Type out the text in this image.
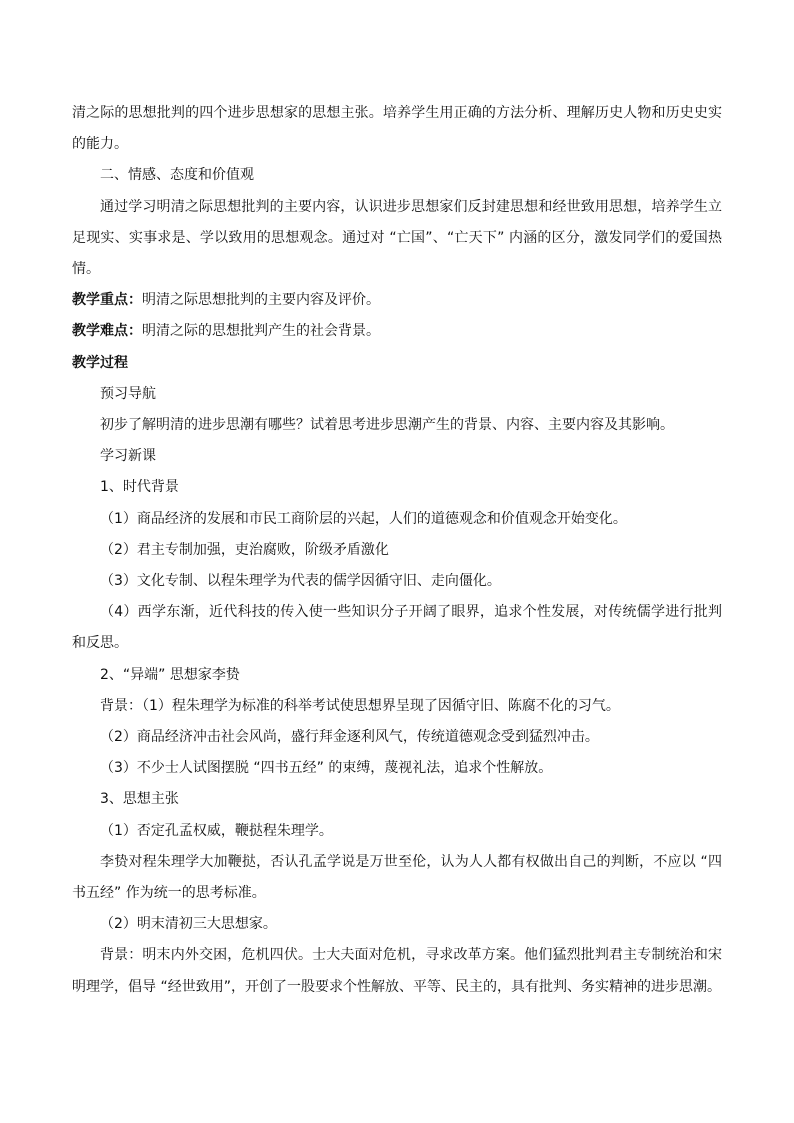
清之际的思想批判的四个进步思想家的思想主张。培养学生用正确的方法分析、理解历史人物和历史史实的能力。

二、情感、态度和价值观

通过学习明清之际思想批判的主要内容，认识进步思想家们反封建思想和经世致用思想，培养学生立足现实、实事求是、学以致用的思想观念。通过对 “亡国”、“亡天下” 内涵的区分，激发同学们的爱国热情。

教学重点：明清之际思想批判的主要内容及评价。

教学难点：明清之际的思想批判产生的社会背景。

教学过程

预习导航

初步了解明清的进步思潮有哪些？试着思考进步思潮产生的背景、内容、主要内容及其影响。

学习新课

1、时代背景

（1）商品经济的发展和市民工商阶层的兴起，人们的道德观念和价值观念开始变化。

（2）君主专制加强，吏治腐败，阶级矛盾激化

（3）文化专制、以程朱理学为代表的儒学因循守旧、走向僵化。

（4）西学东渐，近代科技的传入使一些知识分子开阔了眼界，追求个性发展，对传统儒学进行批判和反思。

2、“异端” 思想家李贽

背景：（1）程朱理学为标准的科举考试使思想界呈现了因循守旧、陈腐不化的习气。

（2）商品经济冲击社会风尚，盛行拜金逐利风气，传统道德观念受到猛烈冲击。

（3）不少士人试图摆脱 “四书五经” 的束缚，蔑视礼法，追求个性解放。

3、思想主张

（1）否定孔孟权威，鞭挞程朱理学。

李贽对程朱理学大加鞭挞，否认孔孟学说是万世至伦，认为人人都有权做出自己的判断，不应以 “四书五经” 作为统一的思考标准。

（2）明末清初三大思想家。

背景：明末内外交困，危机四伏。士大夫面对危机，寻求改革方案。他们猛烈批判君主专制统治和宋明理学，倡导 “经世致用”，开创了一股要求个性解放、平等、民主的，具有批判、务实精神的进步思潮。
